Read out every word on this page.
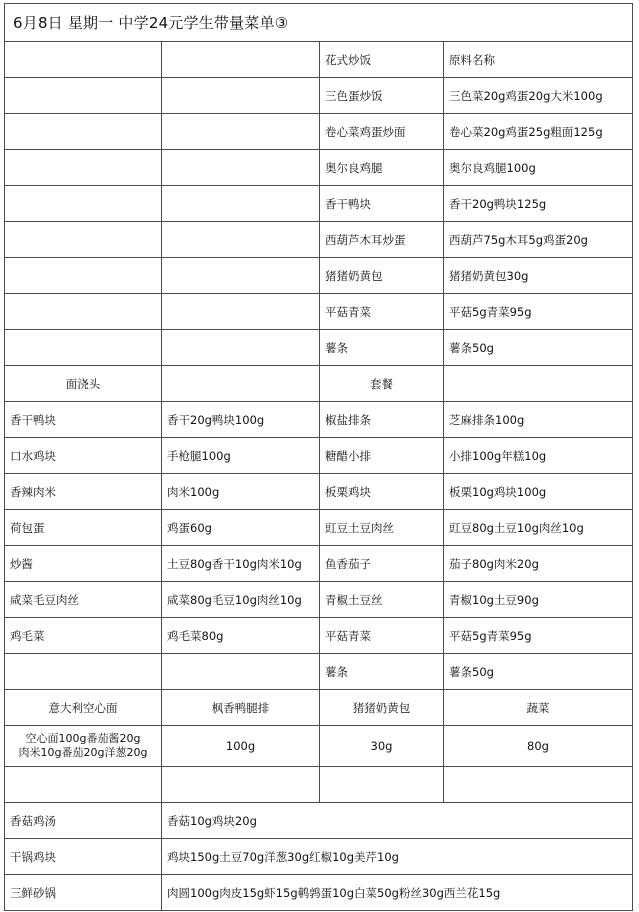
6月8日 星期一 中学24元学生带量菜单③			
		花式炒饭	原料名称
		三色蛋炒饭	三色菜20g鸡蛋20g大米100g
		卷心菜鸡蛋炒面	卷心菜20g鸡蛋25g粗面125g
		奥尔良鸡腿	奥尔良鸡腿100g
		香干鸭块	香干20g鸭块125g
		西葫芦木耳炒蛋	西葫芦75g木耳5g鸡蛋20g
		猪猪奶黄包	猪猪奶黄包30g
		平菇青菜	平菇5g青菜95g
		薯条	薯条50g
面浇头		套餐	
香干鸭块	香干20g鸭块100g	椒盐排条	芝麻排条100g
口水鸡块	手枪腿100g	糖醋小排	小排100g年糕10g
香辣肉米	肉米100g	板栗鸡块	板栗10g鸡块100g
荷包蛋	鸡蛋60g	豇豆土豆肉丝	豇豆80g土豆10g肉丝10g
炒酱	土豆80g香干10g肉米10g	鱼香茄子	茄子80g肉米20g
咸菜毛豆肉丝	咸菜80g毛豆10g肉丝10g	青椒土豆丝	青椒10g土豆90g
鸡毛菜	鸡毛菜80g	平菇青菜	平菇5g青菜95g
		薯条	薯条50g
意大利空心面	枫香鸭腿排	猪猪奶黄包	蔬菜

空心面100g番茄酱20g
肉米10g番茄20g洋葱20g	100g	30g	80g

香菇鸡汤	香菇10g鸡块20g		
干锅鸡块	鸡块150g土豆70g洋葱30g红椒10g美芹10g		
三鲜砂锅	肉圆100g肉皮15g虾15g鹌鹑蛋10g白菜50g粉丝30g西兰花15g		
